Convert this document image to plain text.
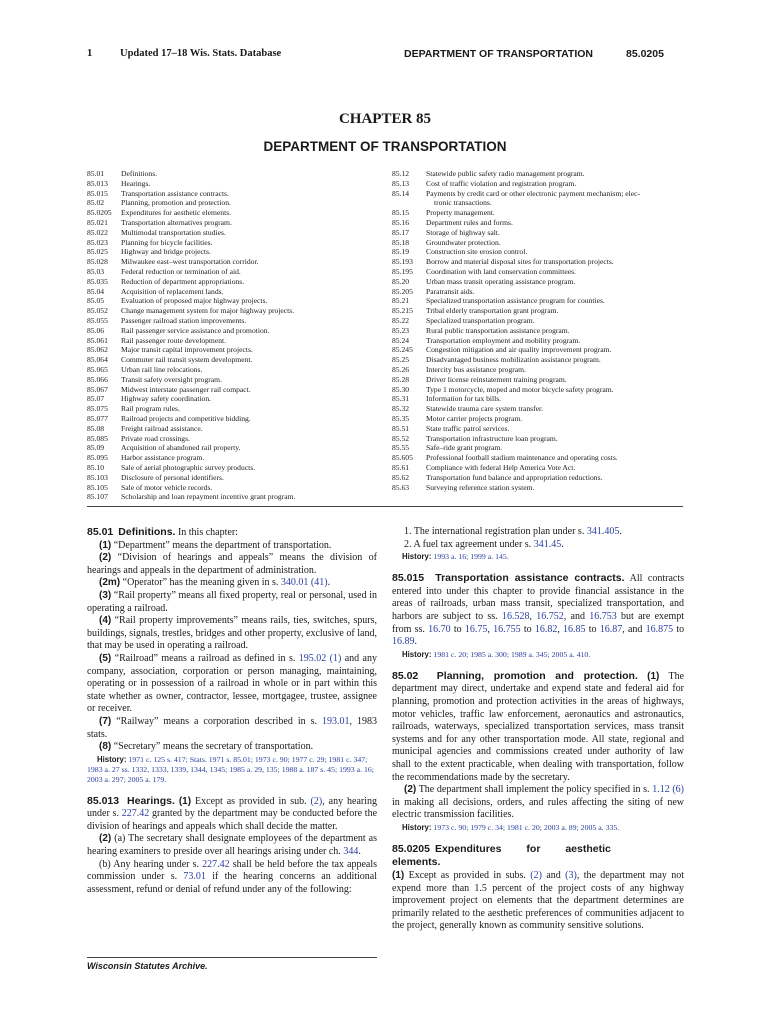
1	Updated 17–18 Wis. Stats. Database	DEPARTMENT OF TRANSPORTATION	85.0205
CHAPTER 85
DEPARTMENT OF TRANSPORTATION
85.01	Definitions.
85.013	Hearings.
85.015	Transportation assistance contracts.
85.02	Planning, promotion and protection.
85.0205	Expenditures for aesthetic elements.
85.021	Transportation alternatives program.
85.022	Multimodal transportation studies.
85.023	Planning for bicycle facilities.
85.025	Highway and bridge projects.
85.028	Milwaukee east–west transportation corridor.
85.03	Federal reduction or termination of aid.
85.035	Reduction of department appropriations.
85.04	Acquisition of replacement lands.
85.05	Evaluation of proposed major highway projects.
85.052	Change management system for major highway projects.
85.055	Passenger railroad station improvements.
85.06	Rail passenger service assistance and promotion.
85.061	Rail passenger route development.
85.062	Major transit capital improvement projects.
85.064	Commuter rail transit system development.
85.065	Urban rail line relocations.
85.066	Transit safety oversight program.
85.067	Midwest interstate passenger rail compact.
85.07	Highway safety coordination.
85.075	Rail program rules.
85.077	Railroad projects and competitive bidding.
85.08	Freight railroad assistance.
85.085	Private road crossings.
85.09	Acquisition of abandoned rail property.
85.095	Harbor assistance program.
85.10	Sale of aerial photographic survey products.
85.103	Disclosure of personal identifiers.
85.105	Sale of motor vehicle records.
85.107	Scholarship and loan repayment incentive grant program.
85.12	Statewide public safety radio management program.
85.13	Cost of traffic violation and registration program.
85.14	Payments by credit card or other electronic payment mechanism; elec-
tronic transactions.
85.15	Property management.
85.16	Department rules and forms.
85.17	Storage of highway salt.
85.18	Groundwater protection.
85.19	Construction site erosion control.
85.193	Borrow and material disposal sites for transportation projects.
85.195	Coordination with land conservation committees.
85.20	Urban mass transit operating assistance program.
85.205	Paratransit aids.
85.21	Specialized transportation assistance program for counties.
85.215	Tribal elderly transportation grant program.
85.22	Specialized transportation program.
85.23	Rural public transportation assistance program.
85.24	Transportation employment and mobility program.
85.245	Congestion mitigation and air quality improvement program.
85.25	Disadvantaged business mobilization assistance program.
85.26	Intercity bus assistance program.
85.28	Driver license reinstatement training program.
85.30	Type 1 motorcycle, moped and motor bicycle safety program.
85.31	Information for tax bills.
85.32	Statewide trauma care system transfer.
85.35	Motor carrier projects program.
85.51	State traffic patrol services.
85.52	Transportation infrastructure loan program.
85.55	Safe–ride grant program.
85.605	Professional football stadium maintenance and operating costs.
85.61	Compliance with federal Help America Vote Act.
85.62	Transportation fund balance and appropriation reductions.
85.63	Surveying reference station system.

85.01 Definitions. In this chapter:

(1) “Department” means the department of transportation.

(2) “Division of hearings and appeals” means the division of hearings and appeals in the department of administration.

(2m) “Operator” has the meaning given in s. 340.01 (41).

(3) “Rail property” means all fixed property, real or personal, used in operating a railroad.

(4) “Rail property improvements” means rails, ties, switches, spurs, buildings, signals, trestles, bridges and other property, exclusive of land, that may be used in operating a railroad.

(5) “Railroad” means a railroad as defined in s. 195.02 (1) and any company, association, corporation or person managing, maintaining, operating or in possession of a railroad in whole or in part within this state whether as owner, contractor, lessee, mortgagee, trustee, assignee or receiver.

(7) “Railway” means a corporation described in s. 193.01, 1983 stats.

(8) “Secretary” means the secretary of transportation.

History: 1971 c. 125 s. 417; Stats. 1971 s. 85.01; 1973 c. 90; 1977 c. 29; 1981 c. 347; 1983 a. 27 ss. 1332, 1333, 1339, 1344, 1345; 1985 a. 29, 135; 1988 a. 187 s. 45; 1993 a. 16; 2003 a. 297; 2005 a. 179.

85.013 Hearings. (1) Except as provided in sub. (2), any hearing under s. 227.42 granted by the department may be conducted before the division of hearings and appeals which shall decide the matter.

(2) (a) The secretary shall designate employees of the department as hearing examiners to preside over all hearings arising under ch. 344.

(b) Any hearing under s. 227.42 shall be held before the tax appeals commission under s. 73.01 if the hearing concerns an additional assessment, refund or denial of refund under any of the following:

1. The international registration plan under s. 341.405.

2. A fuel tax agreement under s. 341.45.

History: 1993 a. 16; 1999 a. 145.

85.015 Transportation assistance contracts. All contracts entered into under this chapter to provide financial assistance in the areas of railroads, urban mass transit, specialized transportation, and harbors are subject to ss. 16.528, 16.752, and 16.753 but are exempt from ss. 16.70 to 16.75, 16.755 to 16.82, 16.85 to 16.87, and 16.875 to 16.89.

History: 1981 c. 20; 1985 a. 300; 1989 a. 345; 2005 a. 410.

85.02 Planning, promotion and protection. (1) The department may direct, undertake and expend state and federal aid for planning, promotion and protection activities in the areas of highways, motor vehicles, traffic law enforcement, aeronautics and astronautics, railroads, waterways, specialized transportation services, mass transit systems and for any other transportation mode. All state, regional and municipal agencies and commissions created under authority of law shall to the extent practicable, when dealing with transportation, follow the recommendations made by the secretary.

(2) The department shall implement the policy specified in s. 1.12 (6) in making all decisions, orders, and rules affecting the siting of new electric transmission facilities.

History: 1973 c. 90; 1979 c. 34; 1981 c. 20; 2003 a. 89; 2005 a. 335.

85.0205 Expenditures for aesthetic elements.

(1) Except as provided in subs. (2) and (3), the department may not expend more than 1.5 percent of the project costs of any highway improvement project on elements that the department determines are primarily related to the aesthetic preferences of communities adjacent to the project, generally known as community sensitive solutions.

Wisconsin Statutes Archive.
